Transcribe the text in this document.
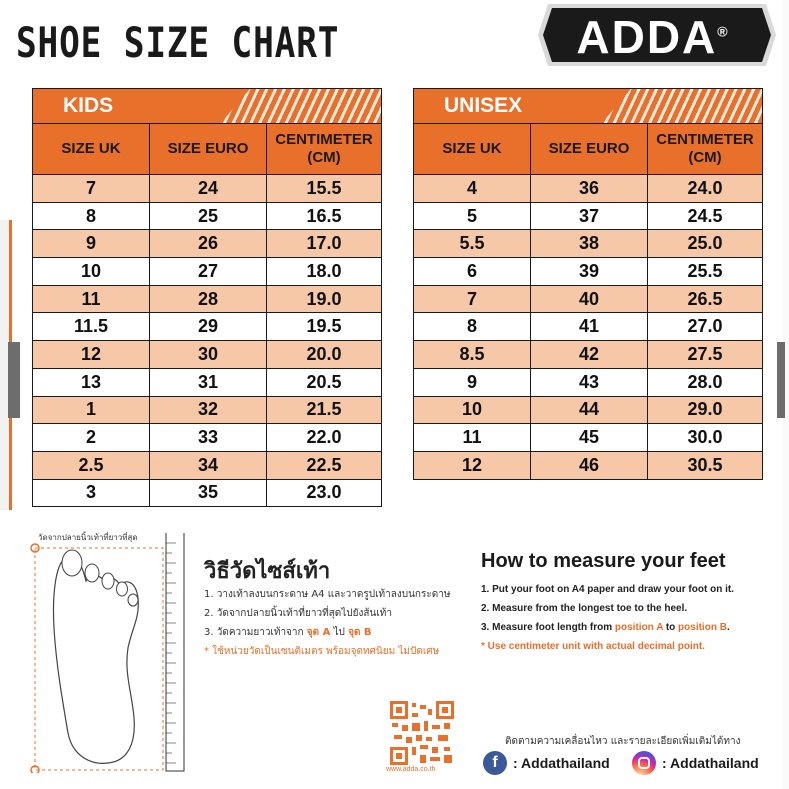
SHOE SIZE CHART	ADDA®
KIDS		

SIZE UK	SIZE EURO	CENTIMETER
(CM)
7	24	15.5
8	25	16.5
9	26	17.0
10	27	18.0
11	28	19.0
11.5	29	19.5
12	30	20.0
13	31	20.5
1	32	21.5
2	33	22.0
2.5	34	22.5
3	35	23.0
UNISEX		

SIZE UK	SIZE EURO	CENTIMETER
(CM)
4	36	24.0
5	37	24.5
5.5	38	25.0
6	39	25.5
7	40	26.5
8	41	27.0
8.5	42	27.5
9	43	28.0
10	44	29.0
11	45	30.0
12	46	30.5
วัดจากปลายนิ้วเท้าที่ยาวที่สุด
วิธีวัดไซส์เท้า
1. วางเท้าลงบนกระดาษ A4 และวาดรูปเท้าลงบนกระดาษ
2. วัดจากปลายนิ้วเท้าที่ยาวที่สุดไปยังส้นเท้า
3. วัดความยาวเท้าจาก จุด A ไป จุด B
* ใช้หน่วยวัดเป็นเซนติเมตร พร้อมจุดทศนิยม ไม่ปัดเศษ
How to measure your feet
1. Put your foot on A4 paper and draw your foot on it.
2. Measure from the longest toe to the heel.
3. Measure foot length from position A to position B.
* Use centimeter unit with actual decimal point.
www.adda.co.th
ติดตามความเคลื่อนไหว และรายละเอียดเพิ่มเติมได้ทาง
f	: Addathailand	: Addathailand
